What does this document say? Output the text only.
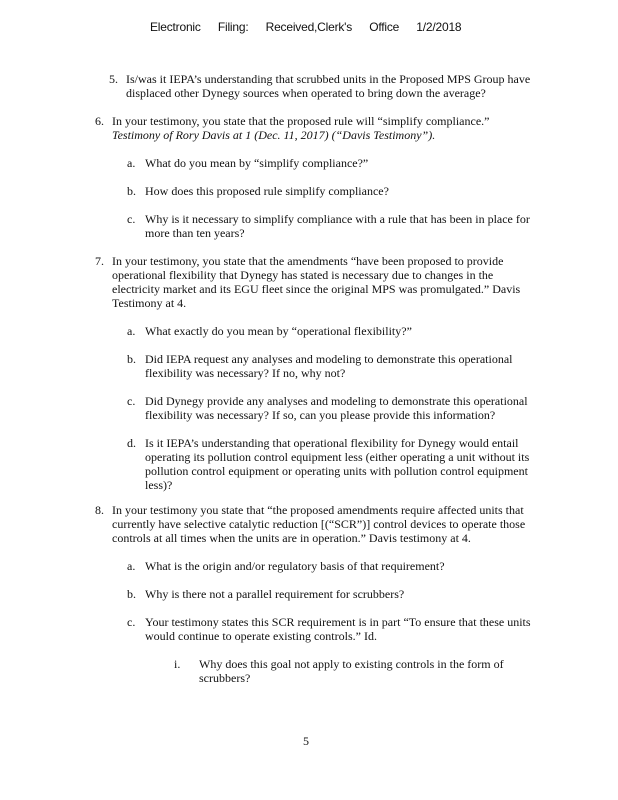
Electronic Filing: Received,Clerk's Office 1/2/2018
5. Is/was it IEPA’s understanding that scrubbed units in the Proposed MPS Group have
displaced other Dynegy sources when operated to bring down the average?
6. In your testimony, you state that the proposed rule will “simplify compliance.”
Testimony of Rory Davis at 1 (Dec. 11, 2017) (“Davis Testimony”).
a. What do you mean by “simplify compliance?”
b. How does this proposed rule simplify compliance?
c. Why is it necessary to simplify compliance with a rule that has been in place for
more than ten years?
7. In your testimony, you state that the amendments “have been proposed to provide
operational flexibility that Dynegy has stated is necessary due to changes in the
electricity market and its EGU fleet since the original MPS was promulgated.” Davis
Testimony at 4.
a. What exactly do you mean by “operational flexibility?”
b. Did IEPA request any analyses and modeling to demonstrate this operational
flexibility was necessary? If no, why not?
c. Did Dynegy provide any analyses and modeling to demonstrate this operational
flexibility was necessary? If so, can you please provide this information?
d. Is it IEPA’s understanding that operational flexibility for Dynegy would entail
operating its pollution control equipment less (either operating a unit without its
pollution control equipment or operating units with pollution control equipment
less)?
8. In your testimony you state that “the proposed amendments require affected units that
currently have selective catalytic reduction [(“SCR”)] control devices to operate those
controls at all times when the units are in operation.” Davis testimony at 4.
a. What is the origin and/or regulatory basis of that requirement?
b. Why is there not a parallel requirement for scrubbers?
c. Your testimony states this SCR requirement is in part “To ensure that these units
would continue to operate existing controls.” Id.
i. Why does this goal not apply to existing controls in the form of
scrubbers?
5
